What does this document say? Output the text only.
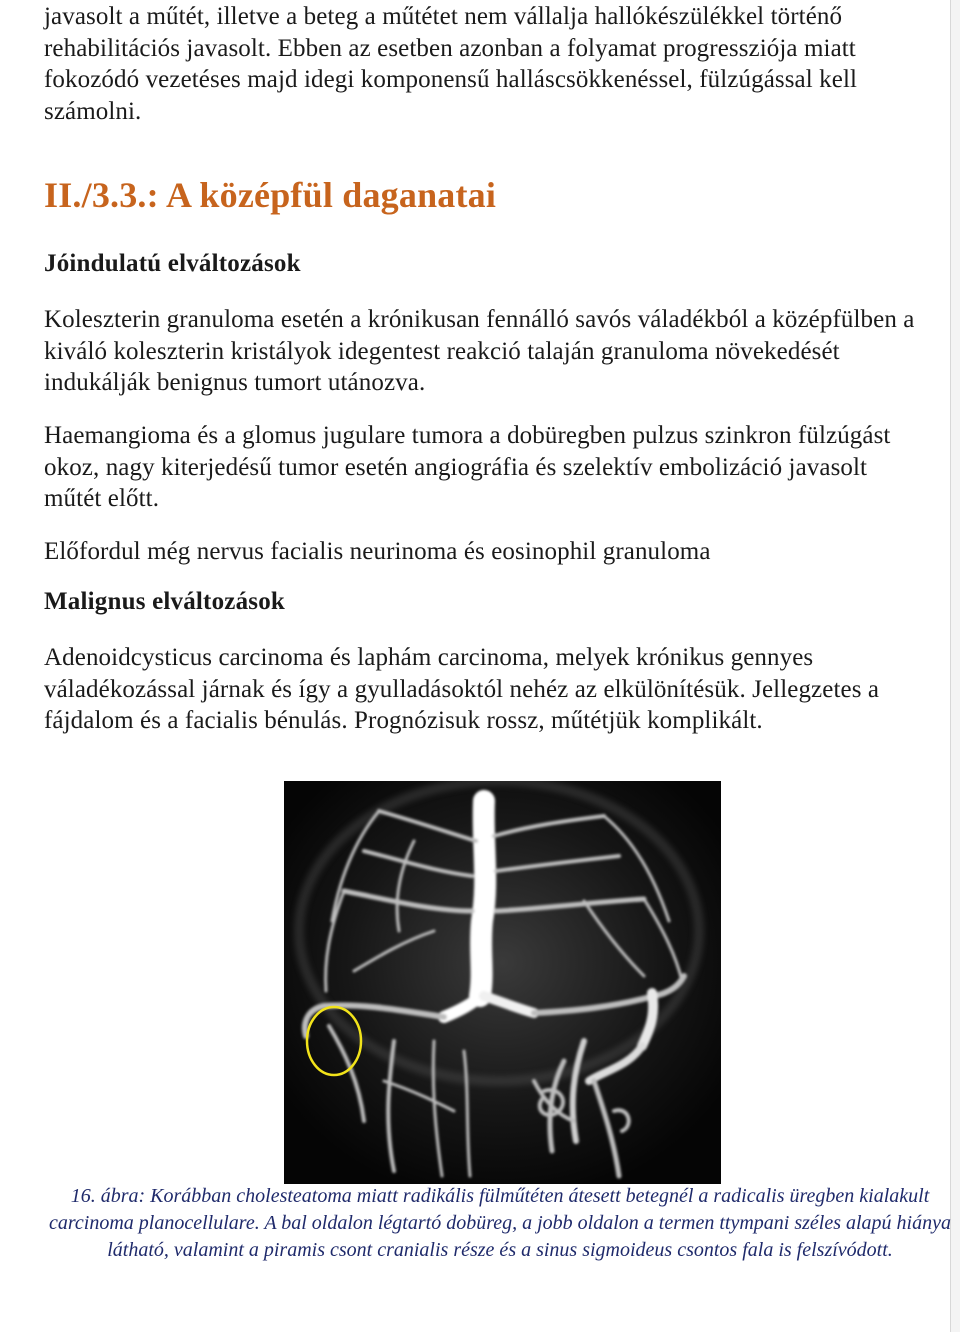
javasolt a műtét, illetve a beteg a műtétet nem vállalja hallókészülékkel történő rehabilitációs javasolt. Ebben az esetben azonban a folyamat progressziója miatt fokozódó vezetéses majd idegi komponensű halláscsökkenéssel, fülzúgással kell számolni.
II./3.3.: A középfül daganatai
Jóindulatú elváltozások
Koleszterin granuloma esetén a krónikusan fennálló savós váladékból a középfülben a kiváló koleszterin kristályok idegentest reakció talaján granuloma növekedését indukálják benignus tumort utánozva.
Haemangioma és a glomus jugulare tumora a dobüregben pulzus szinkron fülzúgást okoz, nagy kiterjedésű tumor esetén angiográfia és szelektív embolizáció javasolt műtét előtt.
Előfordul még nervus facialis neurinoma és eosinophil granuloma
Malignus elváltozások
Adenoidcysticus carcinoma és laphám carcinoma, melyek krónikus gennyes váladékozással járnak és így a gyulladásoktól nehéz az elkülönítésük. Jellegzetes a fájdalom és a facialis bénulás. Prognózisuk rossz, műtétjük komplikált.
16. ábra: Korábban cholesteatoma miatt radikális fülműtéten átesett betegnél a radicalis üregben kialakult carcinoma planocellulare. A bal oldalon légtartó dobüreg, a jobb oldalon a termen ttympani széles alapú hiánya látható, valamint a piramis csont cranialis része és a sinus sigmoideus csontos fala is felszívódott.
